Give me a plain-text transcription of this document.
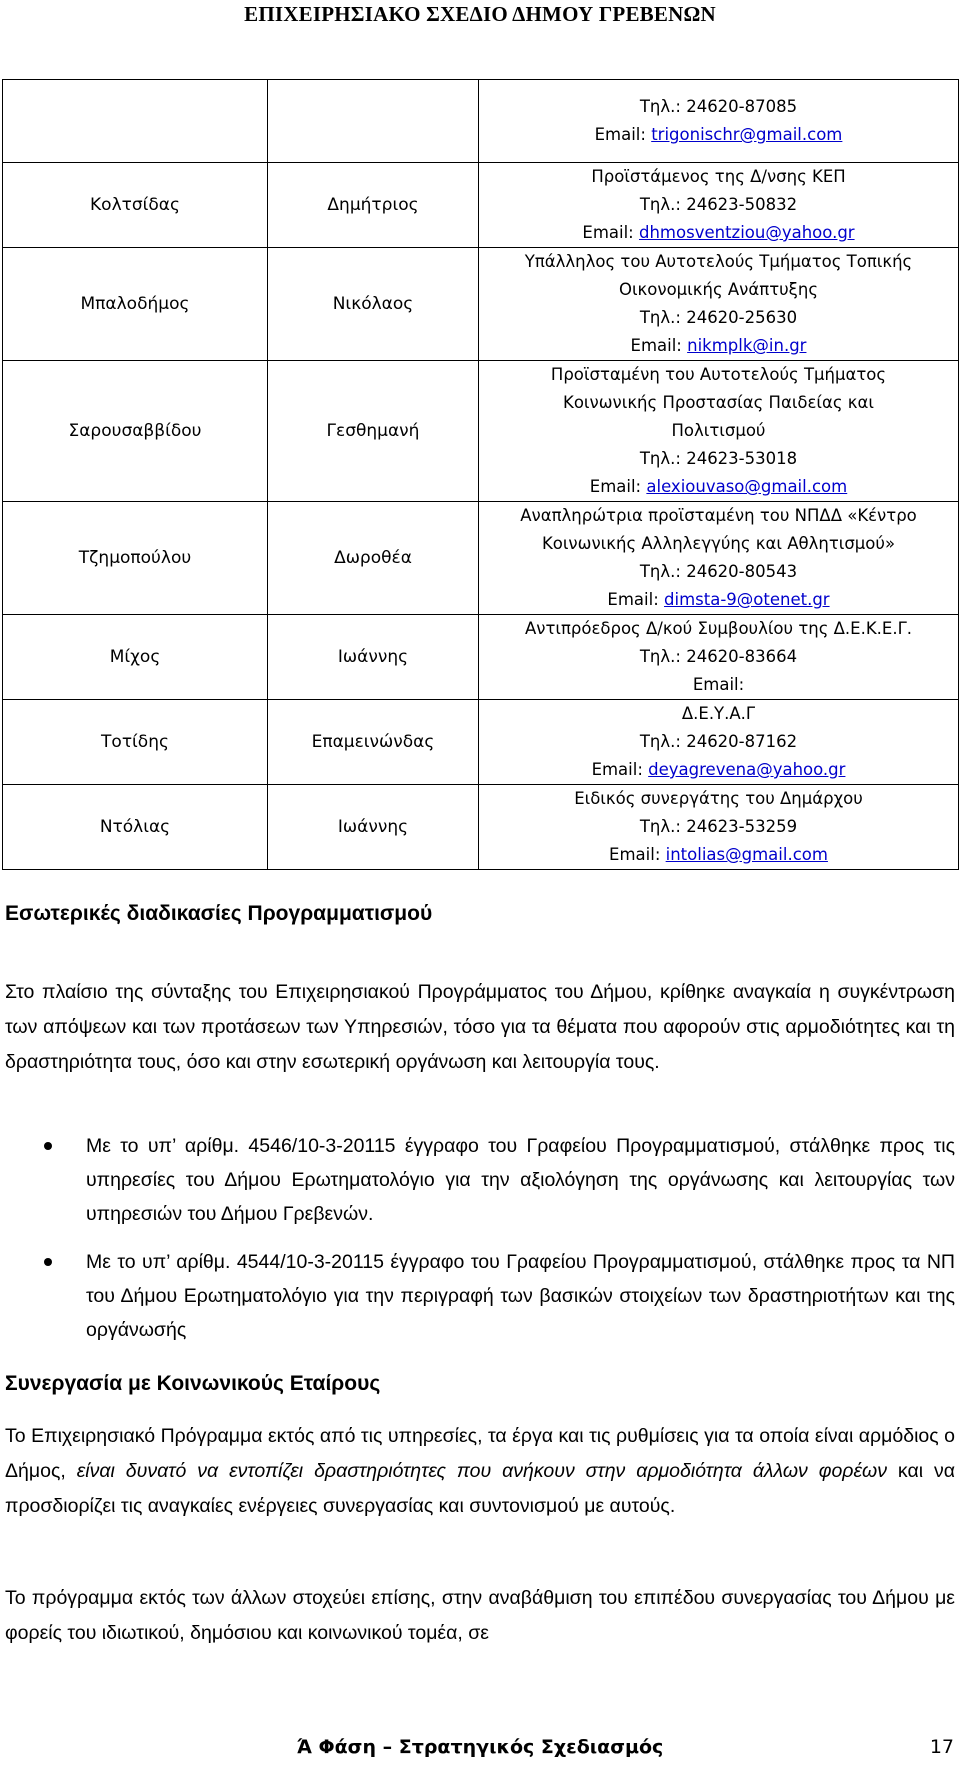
ΕΠΙΧΕΙΡΗΣΙΑΚΟ ΣΧΕΔΙΟ ΔΗΜΟΥ ΓΡΕΒΕΝΩΝ

		Τηλ.: 24620-87085
Email: trigonischr@gmail.com

Κολτσίδας	Δημήτριος	Προϊστάμενος της Δ/νσης ΚΕΠ
Τηλ.: 24623-50832
Email: dhmosventziou@yahoo.gr

Μπαλοδήμος	Νικόλαος	Υπάλληλος του Αυτοτελούς Τμήματος Τοπικής
Οικονομικής Ανάπτυξης
Τηλ.: 24620-25630
Email: nikmplk@in.gr

Σαρουσαββίδου	Γεσθημανή	Προϊσταμένη του Αυτοτελούς Τμήματος
Κοινωνικής Προστασίας Παιδείας και
Πολιτισμού
Τηλ.: 24623-53018
Email: alexiouvaso@gmail.com

Τζημοπούλου	Δωροθέα	Αναπληρώτρια προϊσταμένη του ΝΠΔΔ «Κέντρο
Κοινωνικής Αλληλεγγύης και Αθλητισμού»
Τηλ.: 24620-80543
Email: dimsta-9@otenet.gr

Μίχος	Ιωάννης	Αντιπρόεδρος Δ/κού Συμβουλίου της Δ.Ε.Κ.Ε.Γ.
Τηλ.: 24620-83664
Email:

Τοτίδης	Επαμεινώνδας	Δ.Ε.Υ.Α.Γ
Τηλ.: 24620-87162
Email: deyagrevena@yahoo.gr

Ντόλιας	Ιωάννης	Ειδικός συνεργάτης του Δημάρχου
Τηλ.: 24623-53259
Email: intolias@gmail.com
Εσωτερικές διαδικασίες Προγραμματισμού

Στο πλαίσιο της σύνταξης του Επιχειρησιακού Προγράμματος του Δήμου, κρίθηκε αναγκαία η συγκέντρωση των απόψεων και των προτάσεων των Υπηρεσιών, τόσο για τα θέματα που αφορούν στις αρμοδιότητες και τη δραστηριότητα τους, όσο και στην εσωτερική οργάνωση και λειτουργία τους.

Με το υπ’ αρίθμ. 4546/10-3-20115 έγγραφο του Γραφείου Προγραμματισμού, στάλθηκε προς τις υπηρεσίες του Δήμου Ερωτηματολόγιο για την αξιολόγηση της οργάνωσης και λειτουργίας των υπηρεσιών του Δήμου Γρεβενών.
Με το υπ’ αρίθμ. 4544/10-3-20115 έγγραφο του Γραφείου Προγραμματισμού, στάλθηκε προς τα ΝΠ του Δήμου Ερωτηματολόγιο για την περιγραφή των βασικών στοιχείων των δραστηριοτήτων και της οργάνωσής
Συνεργασία με Κοινωνικούς Εταίρους

Το Επιχειρησιακό Πρόγραμμα εκτός από τις υπηρεσίες, τα έργα και τις ρυθμίσεις για τα οποία είναι αρμόδιος ο Δήμος, είναι δυνατό να εντοπίζει δραστηριότητες που ανήκουν στην αρμοδιότητα άλλων φορέων και να προσδιορίζει τις αναγκαίες ενέργειες συνεργασίας και συντονισμού με αυτούς.

Το πρόγραμμα εκτός των άλλων στοχεύει επίσης, στην αναβάθμιση του επιπέδου συνεργασίας του Δήμου με φορείς του ιδιωτικού, δημόσιου και κοινωνικού τομέα, σε

Ά Φάση – Στρατηγικός Σχεδιασμός	17
